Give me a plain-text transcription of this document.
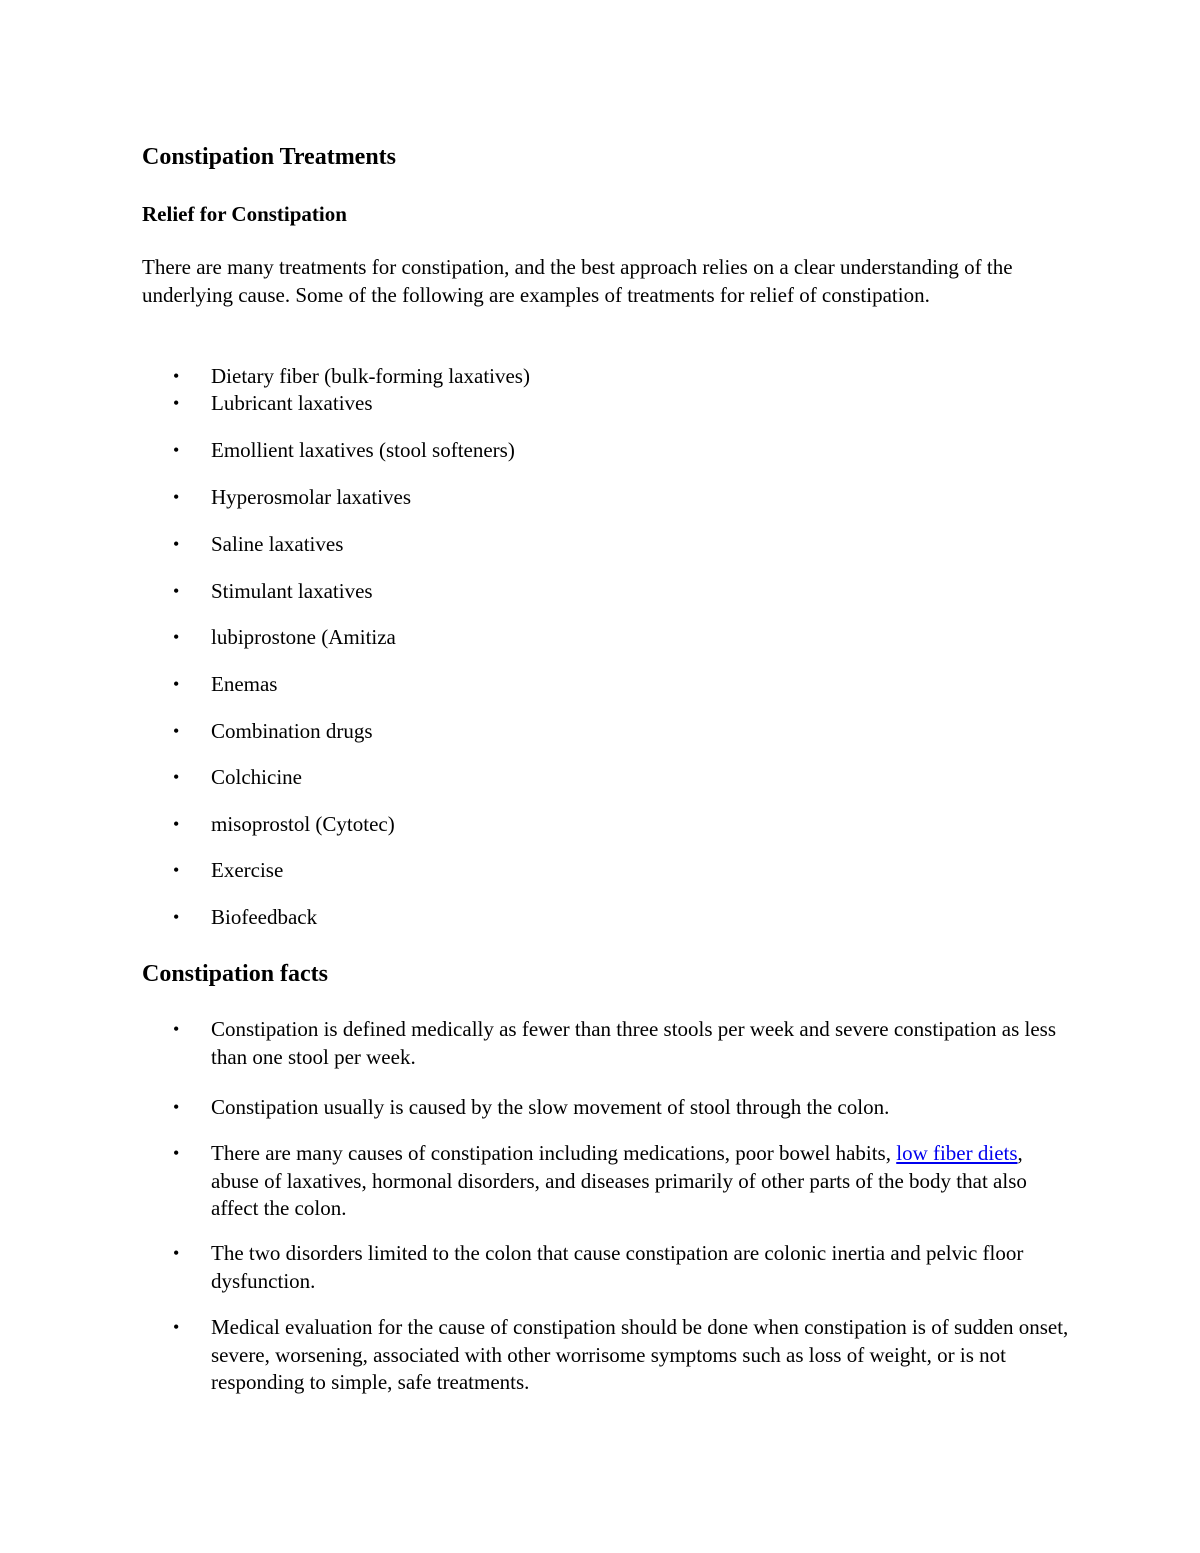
Constipation Treatments
Relief for Constipation

There are many treatments for constipation, and the best approach relies on a clear understanding of the underlying cause. Some of the following are examples of treatments for relief of constipation.

• Dietary fiber (bulk-forming laxatives)
• Lubricant laxatives
• Emollient laxatives (stool softeners)
• Hyperosmolar laxatives
• Saline laxatives
• Stimulant laxatives
• lubiprostone (Amitiza
• Enemas
• Combination drugs
• Colchicine
• misoprostol (Cytotec)
• Exercise
• Biofeedback
Constipation facts
• Constipation is defined medically as fewer than three stools per week and severe constipation as less than one stool per week.
• Constipation usually is caused by the slow movement of stool through the colon.
• There are many causes of constipation including medications, poor bowel habits, low fiber diets, abuse of laxatives, hormonal disorders, and diseases primarily of other parts of the body that also affect the colon.
• The two disorders limited to the colon that cause constipation are colonic inertia and pelvic floor dysfunction.
• Medical evaluation for the cause of constipation should be done when constipation is of sudden onset, severe, worsening, associated with other worrisome symptoms such as loss of weight, or is not responding to simple, safe treatments.
